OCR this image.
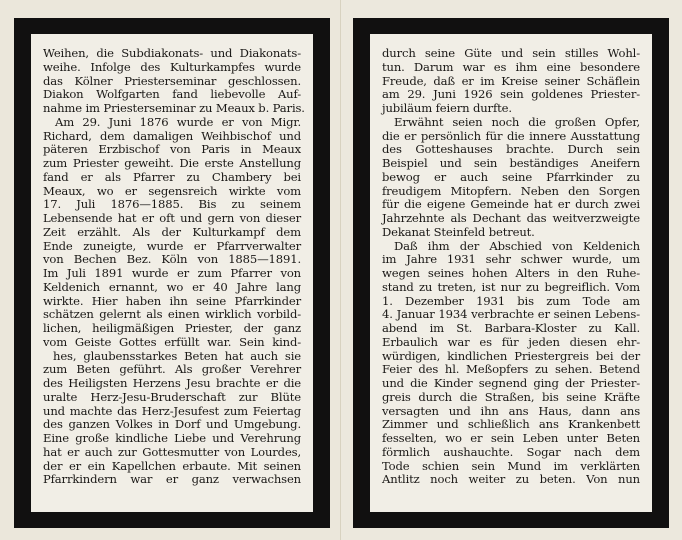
Weihen, die Subdiakonats- und Diakonats-
weihe. Infolge des Kulturkampfes wurde
das Kölner Priesterseminar geschlossen.
Diakon Wolfgarten fand liebevolle Auf-
nahme im Priesterseminar zu Meaux b. Paris.
Am 29. Juni 1876 wurde er von Migr.
Richard, dem damaligen Weihbischof und
päteren Erzbischof von Paris in Meaux
zum Priester geweiht. Die erste Anstellung
fand er als Pfarrer zu Chambery bei
Meaux, wo er segensreich wirkte vom
17. Juli 1876—1885. Bis zu seinem
Lebensende hat er oft und gern von dieser
Zeit erzählt. Als der Kulturkampf dem
Ende zuneigte, wurde er Pfarrverwalter
von Bechen Bez. Köln von 1885—1891.
Im Juli 1891 wurde er zum Pfarrer von
Keldenich ernannt, wo er 40 Jahre lang
wirkte. Hier haben ihn seine Pfarrkinder
schätzen gelernt als einen wirklich vorbild-
lichen, heiligmäßigen Priester, der ganz
vom Geiste Gottes erfüllt war. Sein kind-
hes, glaubensstarkes Beten hat auch sie
zum Beten geführt. Als großer Verehrer
des Heiligsten Herzens Jesu brachte er die
uralte Herz-Jesu-Bruderschaft zur Blüte
und machte das Herz-Jesufest zum Feiertag
des ganzen Volkes in Dorf und Umgebung.
Eine große kindliche Liebe und Verehrung
hat er auch zur Gottesmutter von Lourdes,
der er ein Kapellchen erbaute. Mit seinen
Pfarrkindern war er ganz verwachsen
durch seine Güte und sein stilles Wohl-
tun. Darum war es ihm eine besondere
Freude, daß er im Kreise seiner Schäflein
am 29. Juni 1926 sein goldenes Priester-
jubiläum feiern durfte.
Erwähnt seien noch die großen Opfer,
die er persönlich für die innere Ausstattung
des Gotteshauses brachte. Durch sein
Beispiel und sein beständiges Aneifern
bewog er auch seine Pfarrkinder zu
freudigem Mitopfern. Neben den Sorgen
für die eigene Gemeinde hat er durch zwei
Jahrzehnte als Dechant das weitverzweigte
Dekanat Steinfeld betreut.
Daß ihm der Abschied von Keldenich
im Jahre 1931 sehr schwer wurde, um
wegen seines hohen Alters in den Ruhe-
stand zu treten, ist nur zu begreiflich. Vom
1. Dezember 1931 bis zum Tode am
4. Januar 1934 verbrachte er seinen Lebens-
abend im St. Barbara-Kloster zu Kall.
Erbaulich war es für jeden diesen ehr-
würdigen, kindlichen Priestergreis bei der
Feier des hl. Meßopfers zu sehen. Betend
und die Kinder segnend ging der Priester-
greis durch die Straßen, bis seine Kräfte
versagten und ihn ans Haus, dann ans
Zimmer und schließlich ans Krankenbett
fesselten, wo er sein Leben unter Beten
förmlich aushauchte. Sogar nach dem
Tode schien sein Mund im verklärten
Antlitz noch weiter zu beten. Von nun
